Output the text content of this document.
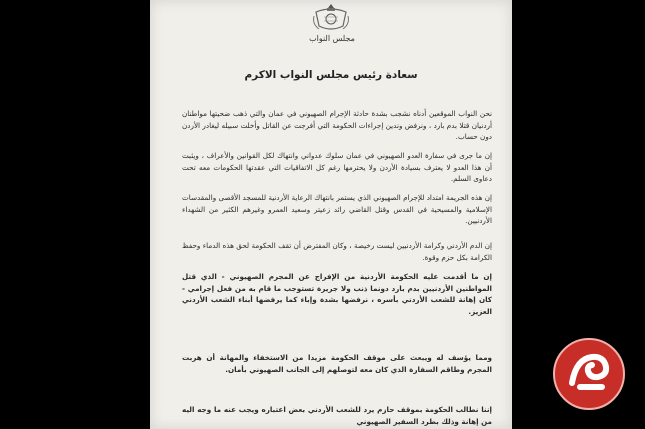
مجلس النواب
سعادة رئيس مجلس النواب الاكرم
نحن النواب الموقعين أدناه نشجب بشدة حادثة الإجرام الصهيوني في عمان والتي ذهب ضحيتها مواطنان أردنيان قتلا بدم بارد ، ونرفض وندين إجراءات الحكومة التي أفرجت عن القاتل وأخلت سبيله ليغادر الأردن دون حساب.
إن ما جرى في سفارة العدو الصهيوني في عمان سلوك عدواني وانتهاك لكل القوانين والأعراف ، ويثبت أن هذا العدو لا يعترف بسيادة الأردن ولا يحترمها رغم كل الاتفاقيات التي عقدتها الحكومات معه تحت دعاوى السلم.
إن هذه الجريمة امتداد للإجرام الصهيوني الذي يستمر بانتهاك الرعاية الأردنية للمسجد الأقصى والمقدسات الإسلامية والمسيحية في القدس وقتل القاضي رائد زعيتر وسعيد العمرو وغيرهم الكثير من الشهداء الأردنيين.
إن الدم الأردني وكرامة الأردنيين ليست رخيصة ، وكان المفترض أن تقف الحكومة لحق هذه الدماء وحفظ الكرامة بكل حزم وقوة.
إن ما أقدمت عليه الحكومة الأردنية من الإفراج عن المجرم الصهيوني - الذي قتل المواطنين الأردنيين بدم بارد دونما ذنب ولا جريرة تستوجب ما قام به من فعل إجرامي - كان إهانة للشعب الأردني بأسره ، نرفضها بشدة وإباء كما يرفضها أبناء الشعب الأردني العزيز.
ومما يؤسف له ويبعث على موقف الحكومة مزيدا من الاستخفاء والمهانة أن هربت المجرم وطاقم السفارة الذي كان معه لتوصلهم إلى الجانب الصهيوني بأمان.
إننا نطالب الحكومة بموقف حازم يرد للشعب الأردني بعض اعتباره ويجب عنه ما وجه اليه من إهانة وذلك بطرد السفير الصهيوني
